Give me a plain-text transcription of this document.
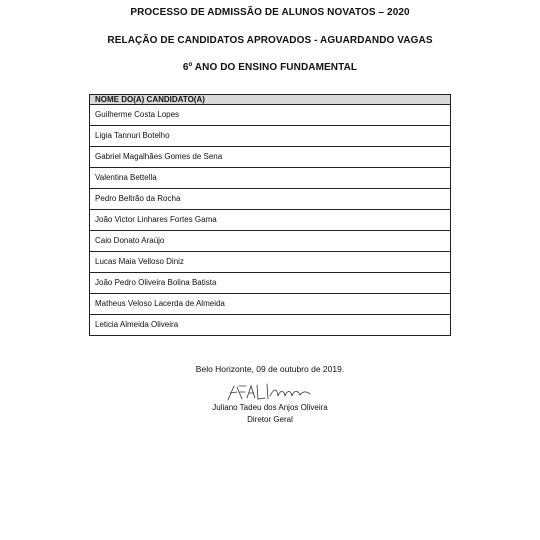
PROCESSO DE ADMISSÃO DE ALUNOS NOVATOS – 2020
RELAÇÃO DE CANDIDATOS APROVADOS - AGUARDANDO VAGAS
6º ANO DO ENSINO FUNDAMENTAL
NOME DO(A) CANDIDATO(A)
Guilherme Costa Lopes
Ligia Tannuri Botelho
Gabriel Magalhães Gomes de Sena
Valentina Bettella
Pedro Beltrão da Rocha
João Victor Linhares Fortes Gama
Caio Donato Araújo
Lucas Maia Velloso Diniz
João Pedro Oliveira Bolina Batista
Matheus Veloso Lacerda de Almeida
Leticia Almeida Oliveira
Belo Horizonte, 09 de outubro de 2019.
Juliano Tadeu dos Anjos Oliveira
Diretor Geral
